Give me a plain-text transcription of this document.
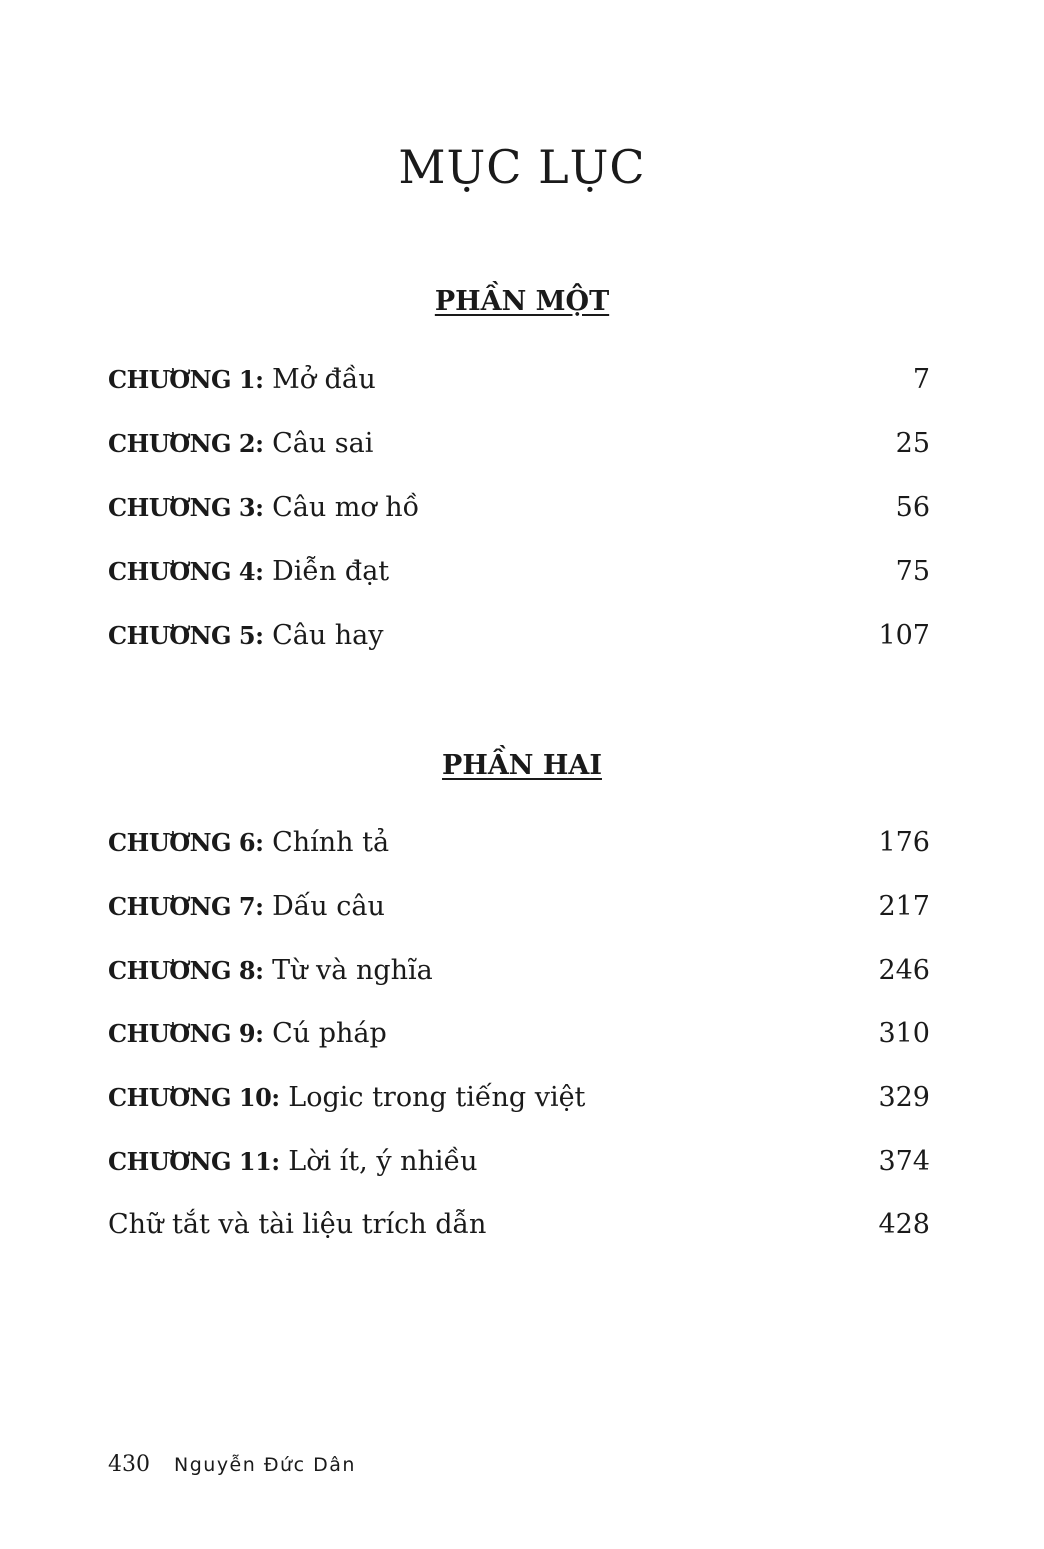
MỤC LỤC
PHẦN MỘT
CHƯƠNG 1: Mở đầu	7
CHƯƠNG 2: Câu sai	25
CHƯƠNG 3: Câu mơ hồ	56
CHƯƠNG 4: Diễn đạt	75
CHƯƠNG 5: Câu hay	107
PHẦN HAI
CHƯƠNG 6: Chính tả	176
CHƯƠNG 7: Dấu câu	217
CHƯƠNG 8: Từ và nghĩa	246
CHƯƠNG 9: Cú pháp	310
CHƯƠNG 10: Logic trong tiếng việt	329
CHƯƠNG 11: Lời ít, ý nhiều	374
Chữ tắt và tài liệu trích dẫn	428
430 Nguyễn Đức Dân
